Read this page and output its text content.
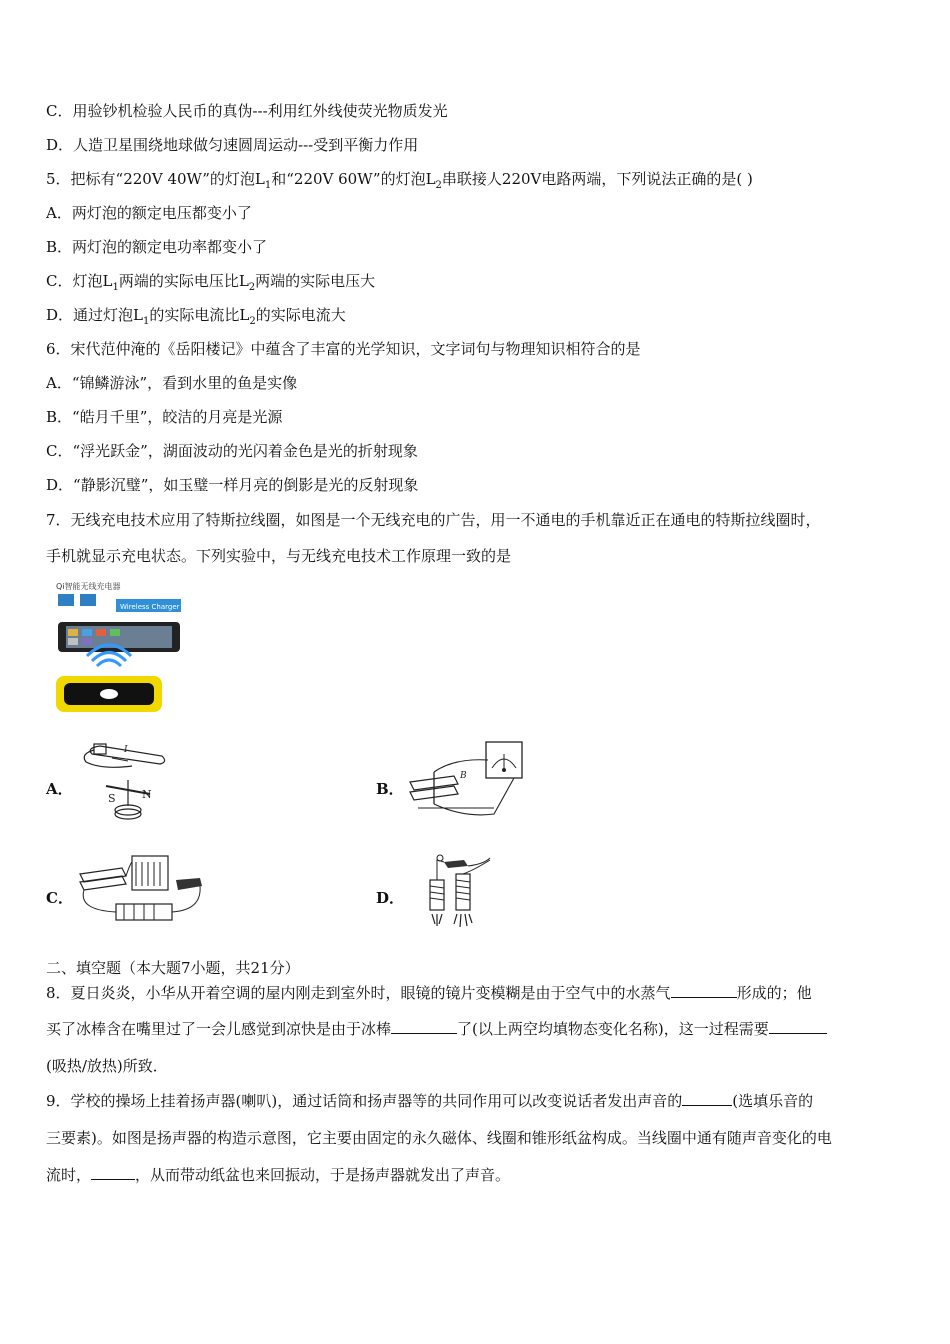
C．用验钞机检验人民币的真伪---利用红外线使荧光物质发光
D．人造卫星围绕地球做匀速圆周运动---受到平衡力作用
5．把标有“220V 40W”的灯泡$L_1$和“220V 60W”的灯泡$L_2$串联接人220V电路两端，下列说法正确的是( )
A．两灯泡的额定电压都变小了
B．两灯泡的额定电功率都变小了
C．灯泡$L_1$两端的实际电压比$L_2$两端的实际电压大
D．通过灯泡$L_1$的实际电流比$L_2$的实际电流大
6．宋代范仲淹的《岳阳楼记》中蕴含了丰富的光学知识，文字词句与物理知识相符合的是
A．“锦鳞游泳”，看到水里的鱼是实像
B．“皓月千里”，皎洁的月亮是光源
C．“浮光跃金”，湖面波动的光闪着金色是光的折射现象
D．“静影沉璧”，如玉璧一样月亮的倒影是光的反射现象
7．无线充电技术应用了特斯拉线圈，如图是一个无线充电的广告，用一不通电的手机靠近正在通电的特斯拉线圈时，
手机就显示充电状态。下列实验中，与无线充电技术工作原理一致的是
Qi智能无线充电器
Wireless Charger
A．
I
S N	B．
B
C．	D．
二、填空题（本大题7小题，共21分）
8．夏日炎炎，小华从开着空调的屋内刚走到室外时，眼镜的镜片变模糊是由于空气中的水蒸气	形成的；他
买了冰棒含在嘴里过了一会儿感觉到凉快是由于冰棒	了(以上两空均填物态变化名称)，这一过程需要
(吸热/放热)所致．
9．学校的操场上挂着扬声器(喇叭)，通过话筒和扬声器等的共同作用可以改变说话者发出声音的	(选填乐音的
三要素)。如图是扬声器的构造示意图，它主要由固定的永久磁体、线圈和锥形纸盆构成。当线圈中通有随声音变化的电
流时，	，从而带动纸盆也来回振动，于是扬声器就发出了声音。
